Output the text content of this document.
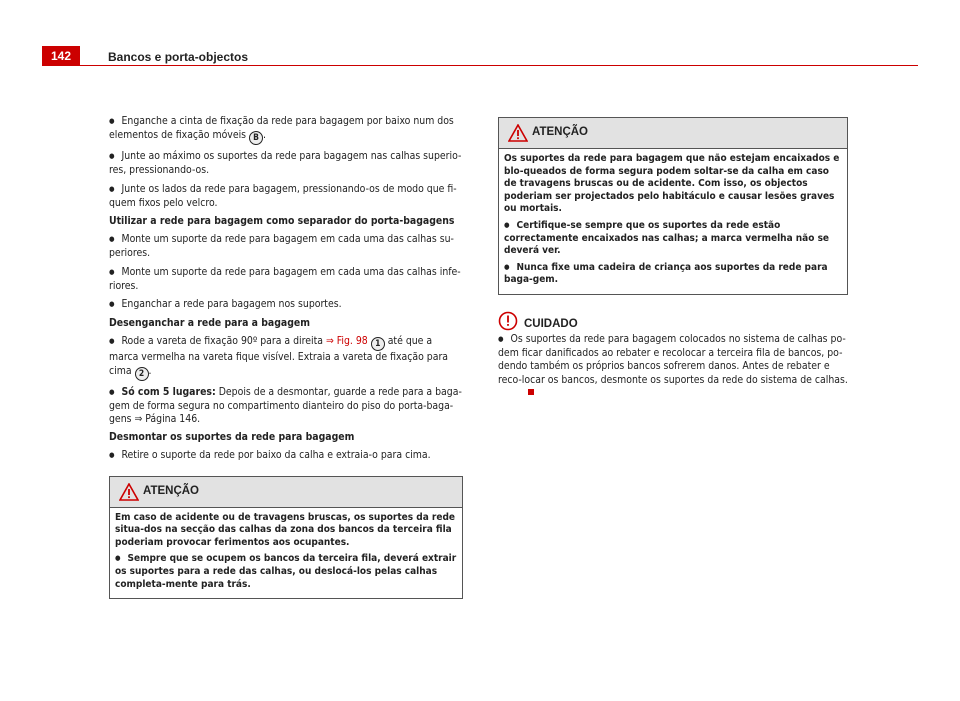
142	Bancos e porta-objectos

● Enganche a cinta de fixação da rede para bagagem por baixo num dos elementos de fixação móveis B .

● Junte ao máximo os suportes da rede para bagagem nas calhas superio-res, pressionando-os.

● Junte os lados da rede para bagagem, pressionando-os de modo que fi-quem fixos pelo velcro.

Utilizar a rede para bagagem como separador do porta-bagagens

● Monte um suporte da rede para bagagem em cada uma das calhas su-periores.

● Monte um suporte da rede para bagagem em cada uma das calhas infe-riores.

● Enganchar a rede para bagagem nos suportes.

Desenganchar a rede para a bagagem

● Rode a vareta de fixação 90º para a direita ⇒ Fig. 98 1 até que a marca vermelha na vareta fique visível. Extraia a vareta de fixação para cima 2 .

● Só com 5 lugares: Depois de a desmontar, guarde a rede para a baga-gem de forma segura no compartimento dianteiro do piso do porta-baga-gens ⇒ Página 146.

Desmontar os suportes da rede para bagagem

● Retire o suporte da rede por baixo da calha e extraia-o para cima.

ATENÇÃO

Em caso de acidente ou de travagens bruscas, os suportes da rede situa-dos na secção das calhas da zona dos bancos da terceira fila poderiam provocar ferimentos aos ocupantes.

● Sempre que se ocupem os bancos da terceira fila, deverá extrair os suportes para a rede das calhas, ou deslocá-los pelas calhas completa-mente para trás.

ATENÇÃO

Os suportes da rede para bagagem que não estejam encaixados e blo-queados de forma segura podem soltar-se da calha em caso de travagens bruscas ou de acidente. Com isso, os objectos poderiam ser projectados pelo habitáculo e causar lesões graves ou mortais.

● Certifique-se sempre que os suportes da rede estão correctamente encaixados nas calhas; a marca vermelha não se deverá ver.

● Nunca fixe uma cadeira de criança aos suportes da rede para baga-gem.

CUIDADO

● Os suportes da rede para bagagem colocados no sistema de calhas po-dem ficar danificados ao rebater e recolocar a terceira fila de bancos, po-dendo também os próprios bancos sofrerem danos. Antes de rebater e reco-locar os bancos, desmonte os suportes da rede do sistema de calhas.
